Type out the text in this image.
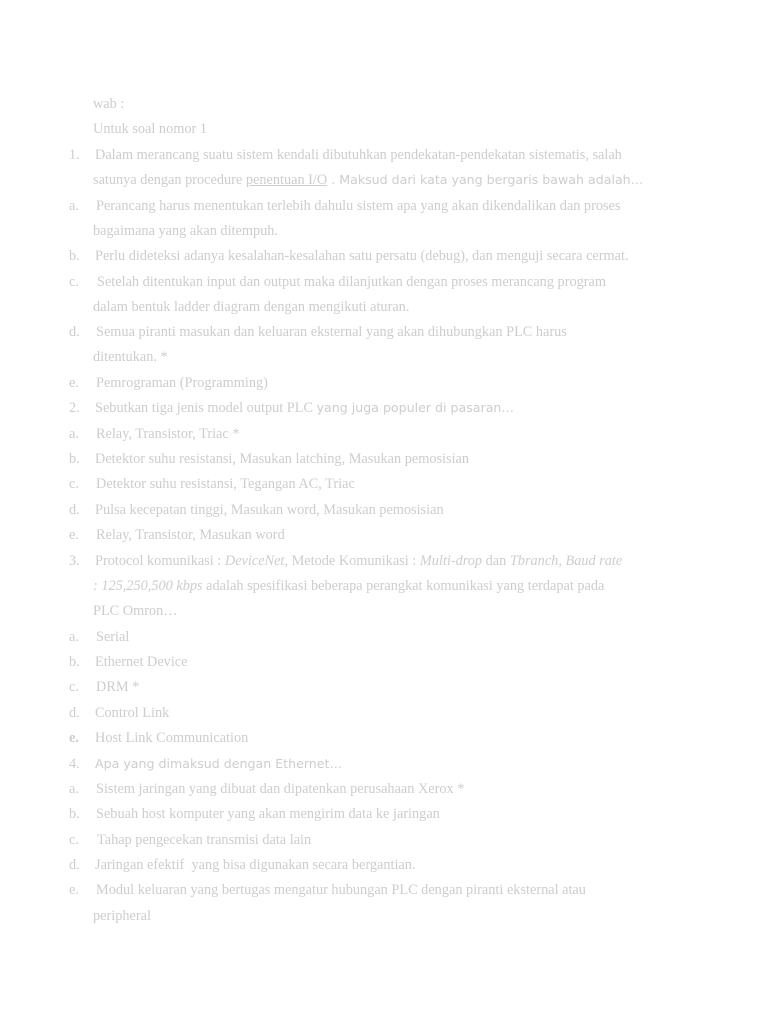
wab :
Untuk soal nomor 1
1. Dalam merancang suatu sistem kendali dibutuhkan pendekatan-pendekatan sistematis, salah
satunya dengan procedure penentuan I/O . Maksud dari kata yang bergaris bawah adalah…
a. Perancang harus menentukan terlebih dahulu sistem apa yang akan dikendalikan dan proses
bagaimana yang akan ditempuh.
b. Perlu dideteksi adanya kesalahan-kesalahan satu persatu (debug), dan menguji secara cermat.
c. Setelah ditentukan input dan output maka dilanjutkan dengan proses merancang program
dalam bentuk ladder diagram dengan mengikuti aturan.
d. Semua piranti masukan dan keluaran eksternal yang akan dihubungkan PLC harus
ditentukan. *
e. Pemrograman (Programming)
2. Sebutkan tiga jenis model output PLC yang juga populer di pasaran…
a. Relay, Transistor, Triac *
b. Detektor suhu resistansi, Masukan latching, Masukan pemosisian
c. Detektor suhu resistansi, Tegangan AC, Triac
d. Pulsa kecepatan tinggi, Masukan word, Masukan pemosisian
e. Relay, Transistor, Masukan word
3. Protocol komunikasi : DeviceNet, Metode Komunikasi : Multi-drop dan Tbranch, Baud rate
: 125,250,500 kbps adalah spesifikasi beberapa perangkat komunikasi yang terdapat pada
PLC Omron…
a. Serial
b. Ethernet Device
c. DRM *
d. Control Link
e. Host Link Communication
4. Apa yang dimaksud dengan Ethernet…
a. Sistem jaringan yang dibuat dan dipatenkan perusahaan Xerox *
b. Sebuah host komputer yang akan mengirim data ke jaringan
c. Tahap pengecekan transmisi data lain
d. Jaringan efektif  yang bisa digunakan secara bergantian.
e. Modul keluaran yang bertugas mengatur hubungan PLC dengan piranti eksternal atau
peripheral
